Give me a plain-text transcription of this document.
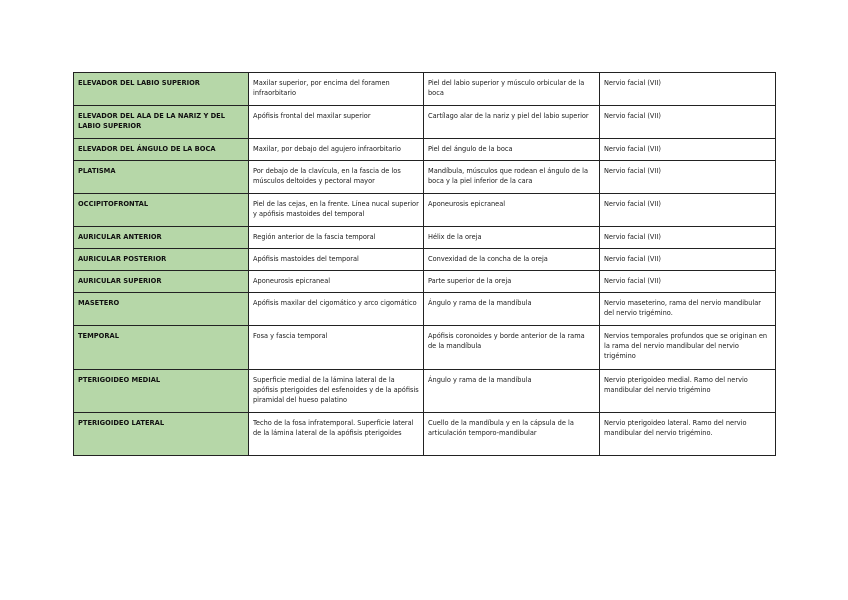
ELEVADOR DEL LABIO SUPERIOR	Maxilar superior, por encima del foramen infraorbitario	Piel del labio superior y músculo orbicular de la boca	Nervio facial (VII)
ELEVADOR DEL ALA DE LA NARIZ Y DEL LABIO SUPERIOR	Apófisis frontal del maxilar superior	Cartílago alar de la nariz y piel del labio superior	Nervio facial (VII)
ELEVADOR DEL ÁNGULO DE LA BOCA	Maxilar, por debajo del agujero infraorbitario	Piel del ángulo de la boca	Nervio facial (VII)
PLATISMA	Por debajo de la clavícula, en la fascia de los músculos deltoides y pectoral mayor	Mandíbula, músculos que rodean el ángulo de la boca y la piel inferior de la cara	Nervio facial (VII)
OCCIPITOFRONTAL	Piel de las cejas, en la frente. Línea nucal superior y apófisis mastoides del temporal	Aponeurosis epicraneal	Nervio facial (VII)
AURICULAR ANTERIOR	Región anterior de la fascia temporal	Hélix de la oreja	Nervio facial (VII)
AURICULAR POSTERIOR	Apófisis mastoides del temporal	Convexidad de la concha de la oreja	Nervio facial (VII)
AURICULAR SUPERIOR	Aponeurosis epicraneal	Parte superior de la oreja	Nervio facial (VII)
MASETERO	Apófisis maxilar del cigomático y arco cigomático	Ángulo y rama de la mandíbula	Nervio maseterino, rama del nervio mandibular del nervio trigémino.
TEMPORAL	Fosa y fascia temporal	Apófisis coronoides y borde anterior de la rama de la mandíbula	Nervios temporales profundos que se originan en la rama del nervio mandibular del nervio trigémino
PTERIGOIDEO MEDIAL	Superficie medial de la lámina lateral de la apófisis pterigoides del esfenoides y de la apófisis piramidal del hueso palatino	Ángulo y rama de la mandíbula	Nervio pterigoideo medial. Ramo del nervio mandibular del nervio trigémino
PTERIGOIDEO LATERAL	Techo de la fosa infratemporal. Superficie lateral de la lámina lateral de la apófisis pterigoides	Cuello de la mandíbula y en la cápsula de la articulación temporo-mandibular	Nervio pterigoideo lateral. Ramo del nervio mandibular del nervio trigémino.
